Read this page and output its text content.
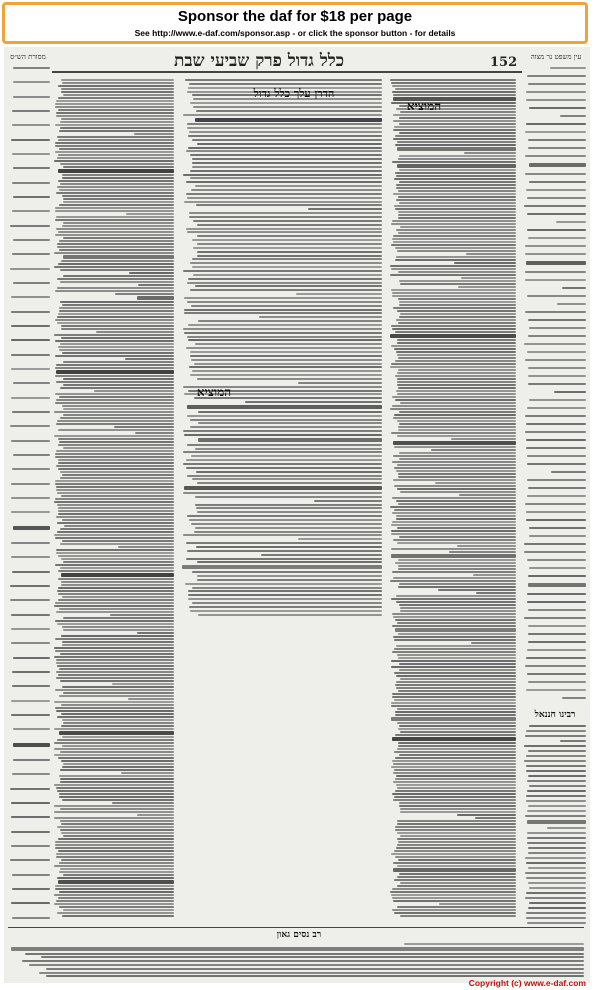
Sponsor the daf for $18 per page
See http://www.e-daf.com/sponsor.asp - or click the sponsor button - for details
152
כלל גדול פרק שביעי שבת
מסורת הש״ס	עין משפט נר מצוה
הדרן עלך כלל גדול
המוציא
המוציא
רבינו חננאל
רב נסים גאון
Copyright (c) www.e-daf.com
